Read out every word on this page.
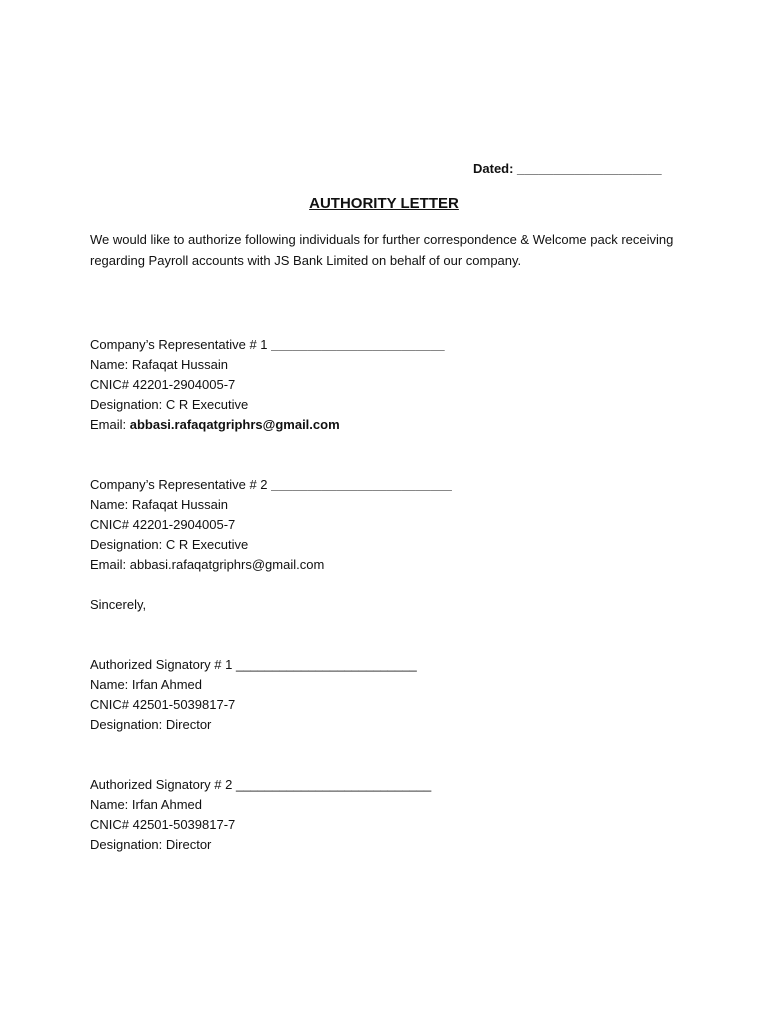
Dated: ____________________
AUTHORITY LETTER
We would like to authorize following individuals for further correspondence & Welcome pack receiving
regarding Payroll accounts with JS Bank Limited on behalf of our company.
Company’s Representative # 1 ________________________
Name: Rafaqat Hussain
CNIC# 42201-2904005-7
Designation: C R Executive
Email: abbasi.rafaqatgriphrs@gmail.com
Company’s Representative # 2 _________________________
Name: Rafaqat Hussain
CNIC# 42201-2904005-7
Designation: C R Executive
Email: abbasi.rafaqatgriphrs@gmail.com
Sincerely,
Authorized Signatory # 1 _________________________
Name: Irfan Ahmed
CNIC# 42501-5039817-7
Designation: Director
Authorized Signatory # 2 ___________________________
Name: Irfan Ahmed
CNIC# 42501-5039817-7
Designation: Director
